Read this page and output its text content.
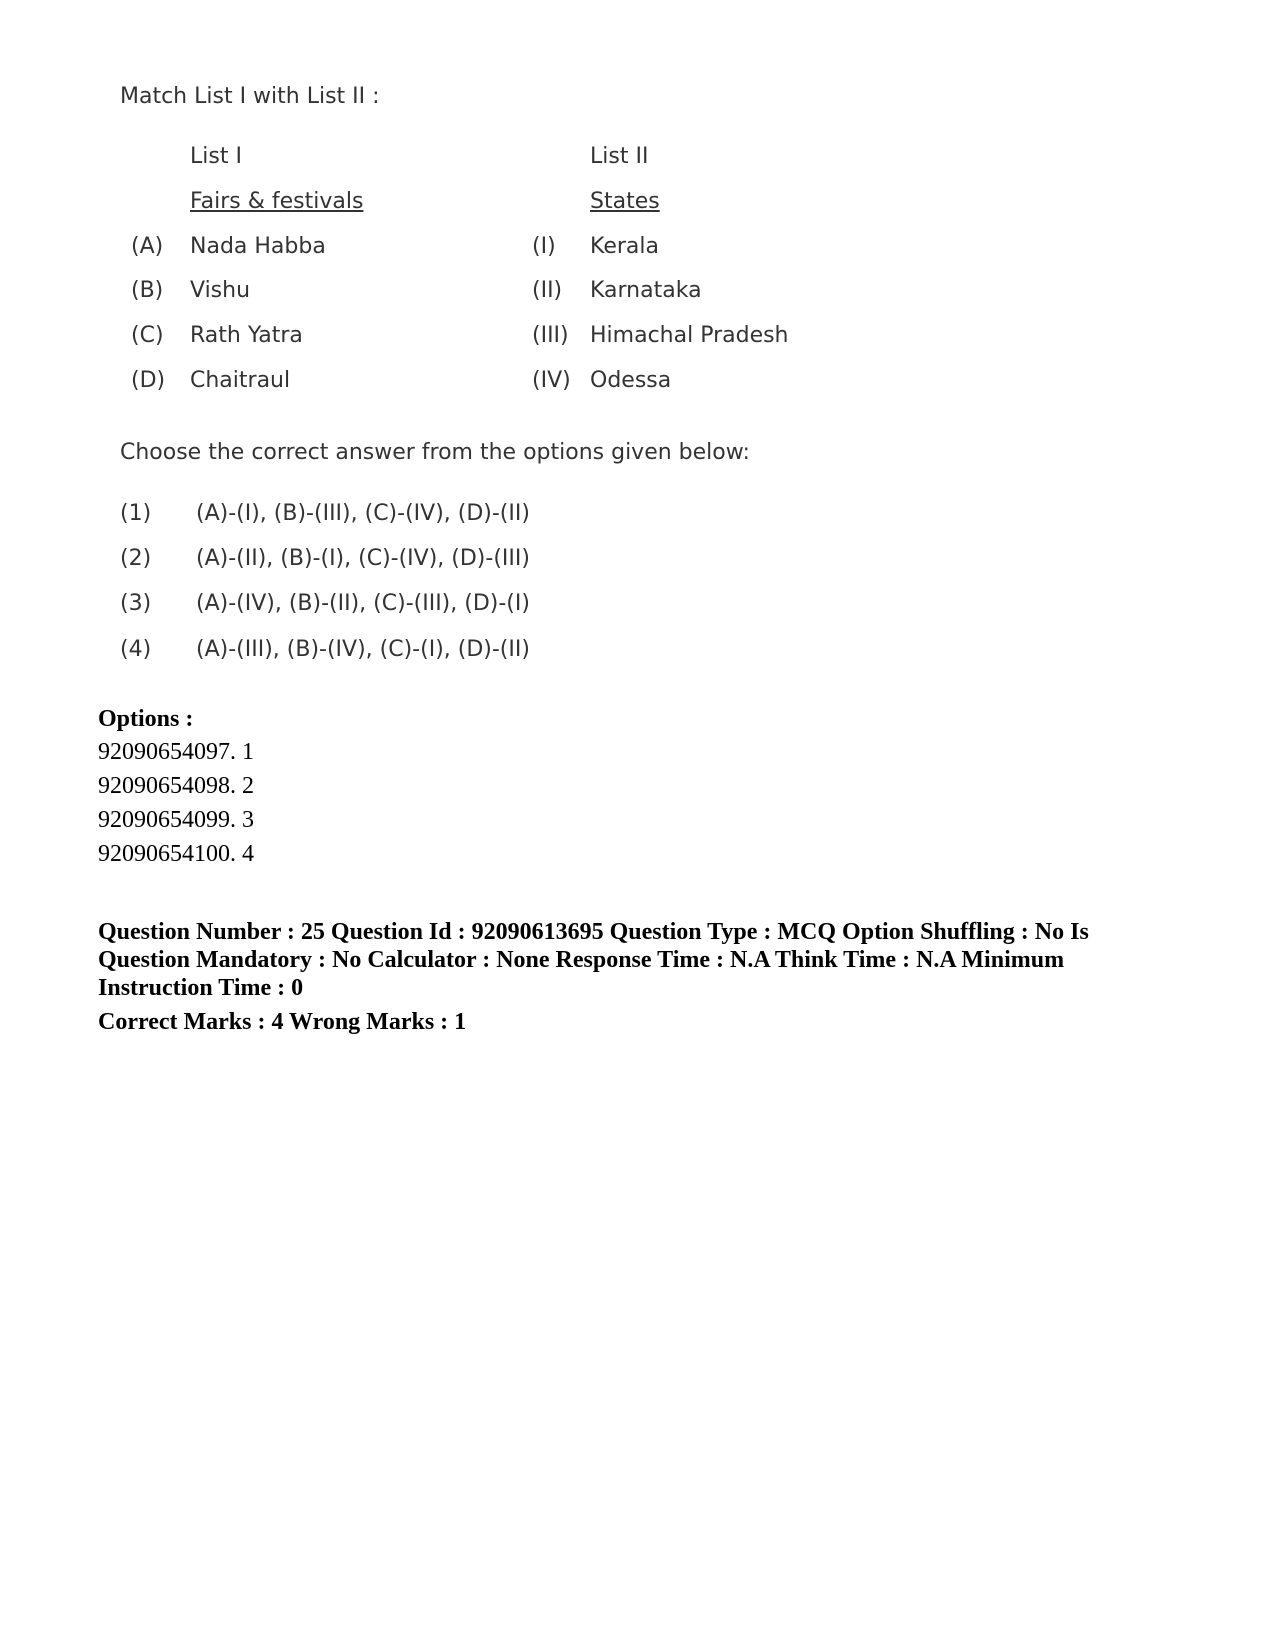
Match List I with List II :
List I	List II
Fairs & festivals	States
(A) Nada Habba
(B) Vishu
(C) Rath Yatra
(D) Chaitraul
(I) Kerala
(II) Karnataka
(III) Himachal Pradesh
(IV) Odessa
Choose the correct answer from the options given below:
(1) (A)-(I), (B)-(III), (C)-(IV), (D)-(II)
(2) (A)-(II), (B)-(I), (C)-(IV), (D)-(III)
(3) (A)-(IV), (B)-(II), (C)-(III), (D)-(I)
(4) (A)-(III), (B)-(IV), (C)-(I), (D)-(II)
Options :
92090654097. 1
92090654098. 2
92090654099. 3
92090654100. 4
Question Number : 25 Question Id : 92090613695 Question Type : MCQ Option Shuffling : No Is
Question Mandatory : No Calculator : None Response Time : N.A Think Time : N.A Minimum
Instruction Time : 0
Correct Marks : 4 Wrong Marks : 1
